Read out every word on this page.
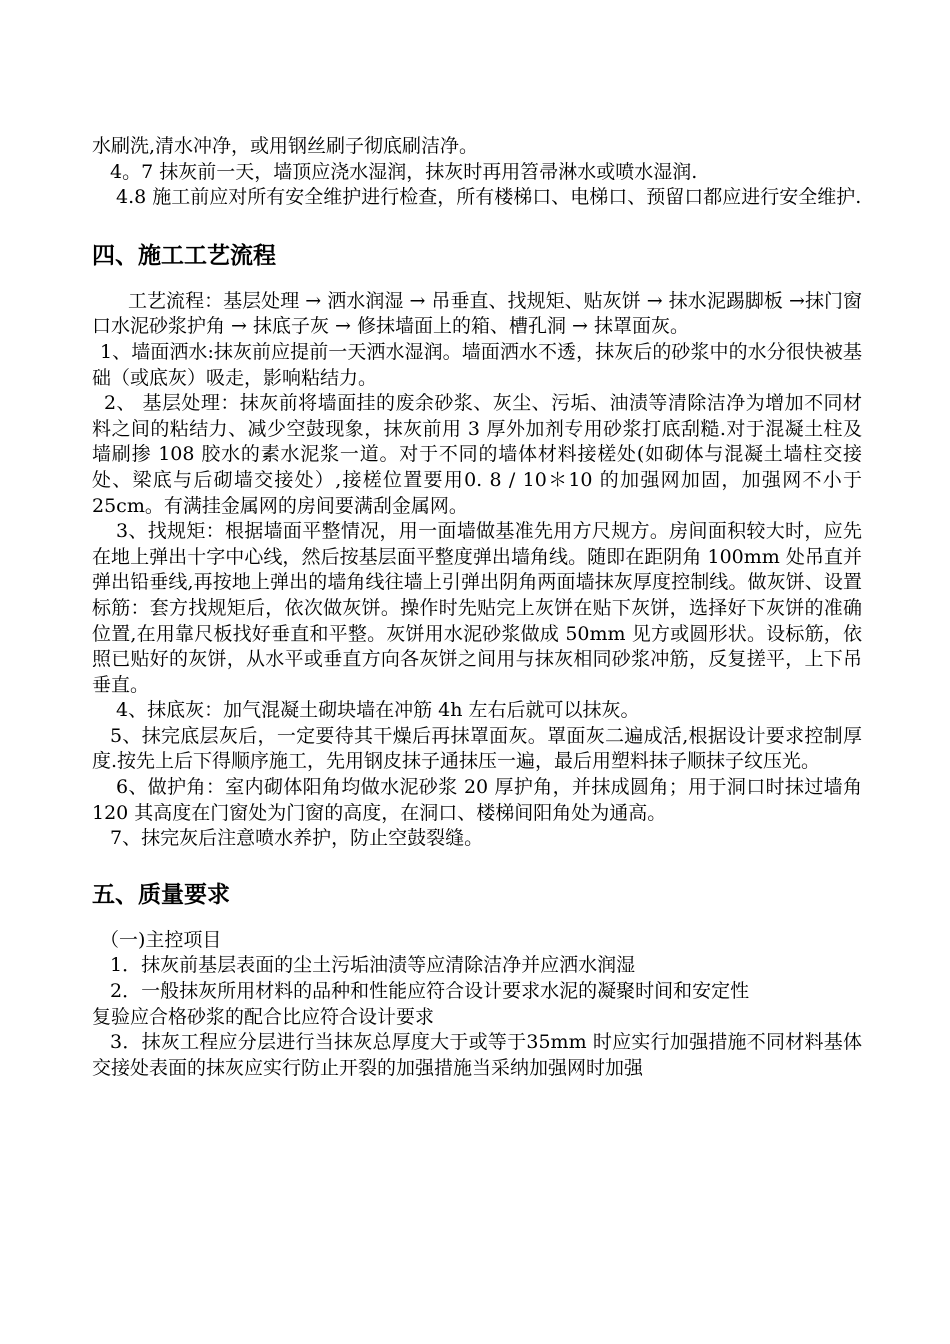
水刷洗,清水冲净，或用钢丝刷子彻底刷洁净。

4。7 抹灰前一天，墙顶应浇水湿润，抹灰时再用笤帚淋水或喷水湿润.

4.8 施工前应对所有安全维护进行检查，所有楼梯口、电梯口、预留口都应进行安全维护.

四、施工工艺流程

工艺流程：基层处理 → 洒水润湿 → 吊垂直、找规矩、贴灰饼 → 抹水泥踢脚板 →抹门窗口水泥砂浆护角 → 抹底子灰 → 修抹墙面上的箱、槽孔洞 → 抹罩面灰。

1、墙面洒水:抹灰前应提前一天洒水湿润。墙面洒水不透，抹灰后的砂浆中的水分很快被基础（或底灰）吸走，影响粘结力。

2、 基层处理：抹灰前将墙面挂的废余砂浆、灰尘、污垢、油渍等清除洁净为增加不同材料之间的粘结力、减少空鼓现象，抹灰前用 3 厚外加剂专用砂浆打底刮糙.对于混凝土柱及墙刷掺 108 胶水的素水泥浆一道。对于不同的墙体材料接槎处(如砌体与混凝土墙柱交接处、梁底与后砌墙交接处）,接槎位置要用0. 8 / 10＊10 的加强网加固，加强网不小于 25cm。有满挂金属网的房间要满刮金属网。

3、找规矩：根据墙面平整情况，用一面墙做基准先用方尺规方。房间面积较大时，应先在地上弹出十字中心线，然后按基层面平整度弹出墙角线。随即在距阴角 100mm 处吊直并弹出铅垂线,再按地上弹出的墙角线往墙上引弹出阴角两面墙抹灰厚度控制线。做灰饼、设置标筋：套方找规矩后，依次做灰饼。操作时先贴完上灰饼在贴下灰饼，选择好下灰饼的准确位置,在用靠尺板找好垂直和平整。灰饼用水泥砂浆做成 50mm 见方或圆形状。设标筋，依照已贴好的灰饼，从水平或垂直方向各灰饼之间用与抹灰相同砂浆冲筋，反复搓平，上下吊垂直。

4、抹底灰：加气混凝土砌块墙在冲筋 4h 左右后就可以抹灰。

5、抹完底层灰后，一定要待其干燥后再抹罩面灰。罩面灰二遍成活,根据设计要求控制厚度.按先上后下得顺序施工，先用钢皮抹子通抹压一遍，最后用塑料抹子顺抹子纹压光。

6、做护角：室内砌体阳角均做水泥砂浆 20 厚护角，并抹成圆角；用于洞口时抹过墙角 120 其高度在门窗处为门窗的高度，在洞口、楼梯间阳角处为通高。

7、抹完灰后注意喷水养护，防止空鼓裂缝。

五、质量要求

（一)主控项目

1．抹灰前基层表面的尘土污垢油渍等应清除洁净并应洒水润湿

2．一般抹灰所用材料的品种和性能应符合设计要求水泥的凝聚时间和安定性

复验应合格砂浆的配合比应符合设计要求

3．抹灰工程应分层进行当抹灰总厚度大于或等于35mm 时应实行加强措施不同材料基体交接处表面的抹灰应实行防止开裂的加强措施当采纳加强网时加强
